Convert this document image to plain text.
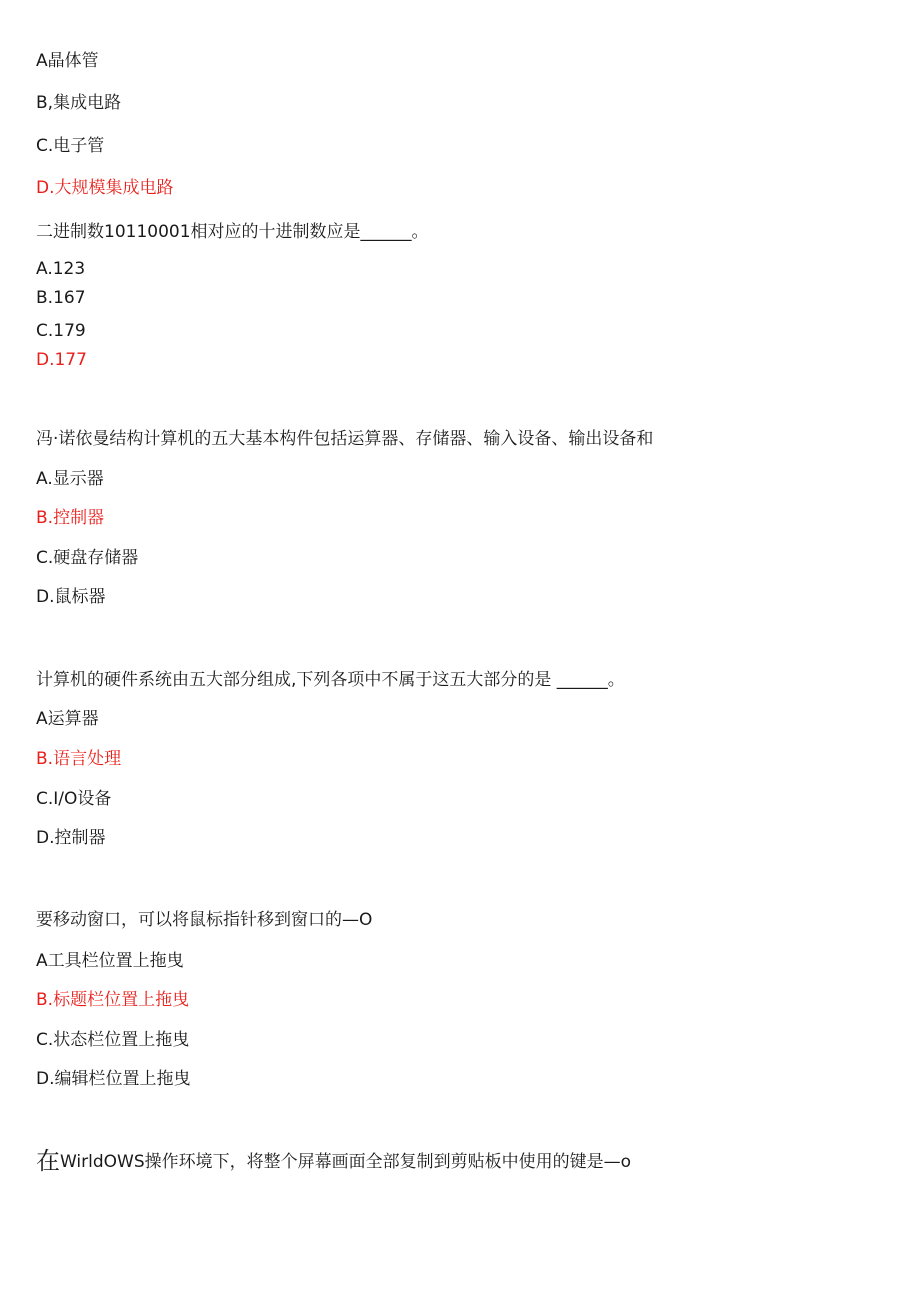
A晶体管
B,集成电路
C.电子管
D.大规模集成电路
二进制数10110001相对应的十进制数应是______。
A.123
B.167
C.179
D.177
冯·诺依曼结构计算机的五大基本构件包括运算器、存储器、输入设备、输出设备和
A.显示器
B.控制器
C.硬盘存储器
D.鼠标器
计算机的硬件系统由五大部分组成,下列各项中不属于这五大部分的是 ______。
A运算器
B.语言处理
C.I/O设备
D.控制器
要移动窗口，可以将鼠标指针移到窗口的—O
A工具栏位置上拖曳
B.标题栏位置上拖曳
C.状态栏位置上拖曳
D.编辑栏位置上拖曳
在WirldOWS操作环境下，将整个屏幕画面全部复制到剪贴板中使用的键是—o
